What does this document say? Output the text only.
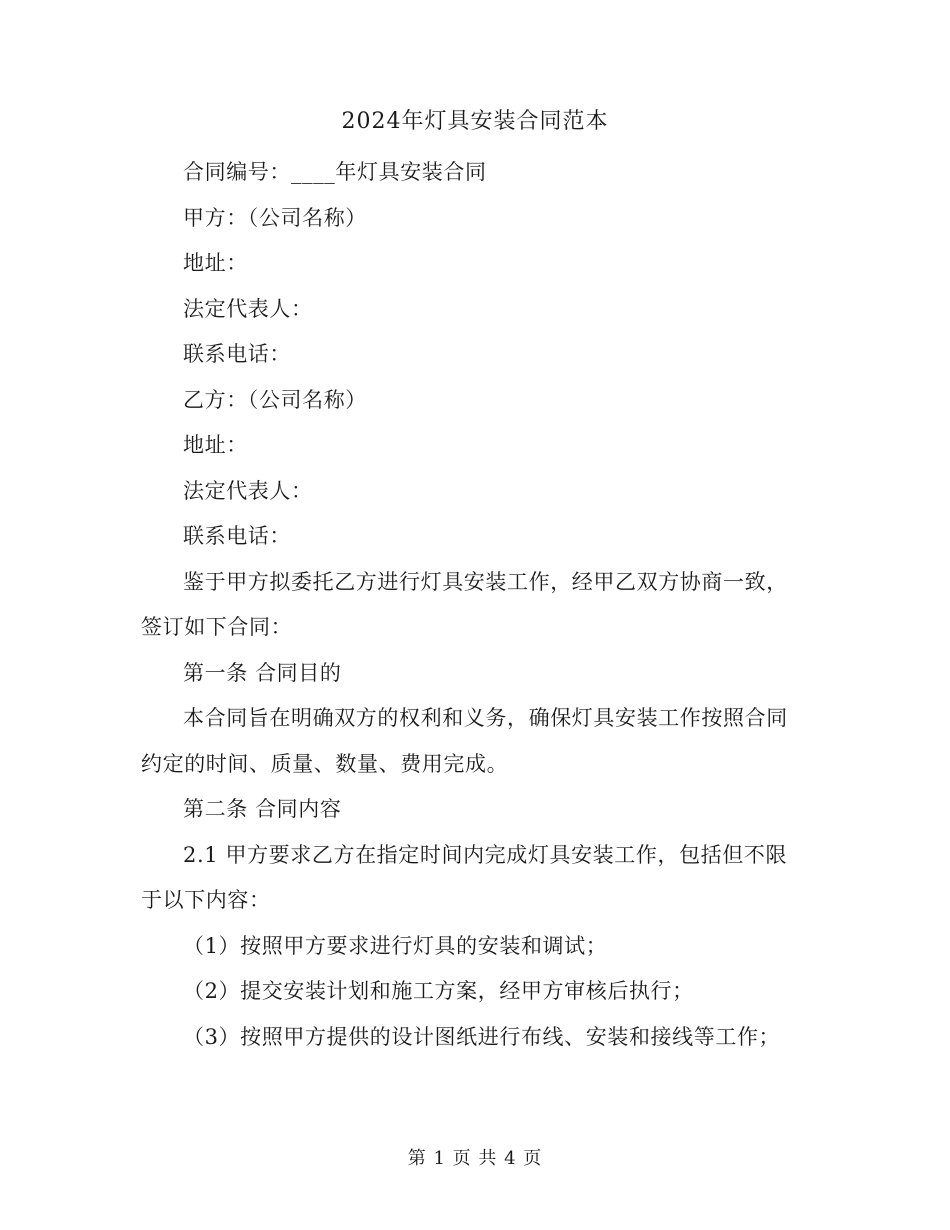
2024年灯具安装合同范本

合同编号：____年灯具安装合同

甲方：（公司名称）

地址：

法定代表人：

联系电话：

乙方：（公司名称）

地址：

法定代表人：

联系电话：

鉴于甲方拟委托乙方进行灯具安装工作，经甲乙双方协商一致，签订如下合同：

第一条 合同目的

本合同旨在明确双方的权利和义务，确保灯具安装工作按照合同约定的时间、质量、数量、费用完成。

第二条 合同内容

2.1 甲方要求乙方在指定时间内完成灯具安装工作，包括但不限于以下内容：

（1）按照甲方要求进行灯具的安装和调试；

（2）提交安装计划和施工方案，经甲方审核后执行；

（3）按照甲方提供的设计图纸进行布线、安装和接线等工作；

第 1 页 共 4 页
